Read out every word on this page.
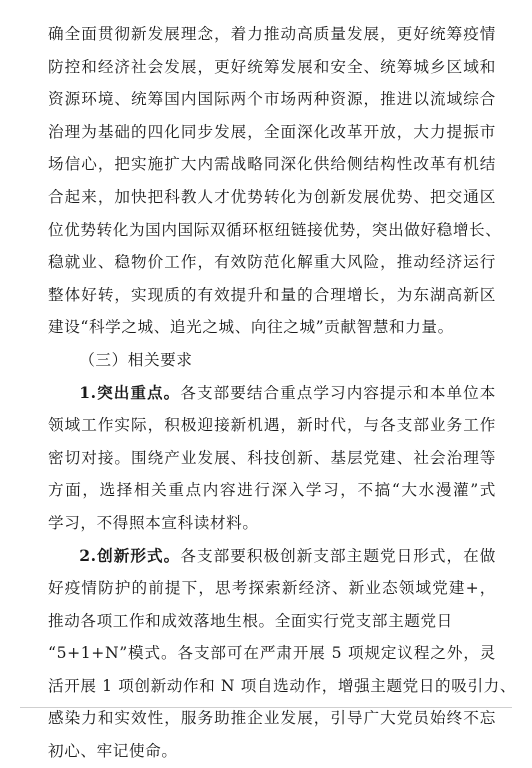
确全面贯彻新发展理念，着力推动高质量发展，更好统筹疫情
防控和经济社会发展，更好统筹发展和安全、统筹城乡区域和
资源环境、统筹国内国际两个市场两种资源，推进以流域综合
治理为基础的四化同步发展，全面深化改革开放，大力提振市
场信心，把实施扩大内需战略同深化供给侧结构性改革有机结
合起来，加快把科教人才优势转化为创新发展优势、把交通区
位优势转化为国内国际双循环枢纽链接优势，突出做好稳增长、
稳就业、稳物价工作，有效防范化解重大风险，推动经济运行
整体好转，实现质的有效提升和量的合理增长，为东湖高新区
建设“科学之城、追光之城、向往之城”贡献智慧和力量。
（三）相关要求
1.突出重点。各支部要结合重点学习内容提示和本单位本
领域工作实际，积极迎接新机遇，新时代，与各支部业务工作
密切对接。围绕产业发展、科技创新、基层党建、社会治理等
方面，选择相关重点内容进行深入学习，不搞“大水漫灌”式
学习，不得照本宣科读材料。
2.创新形式。各支部要积极创新支部主题党日形式，在做
好疫情防护的前提下，思考探索新经济、新业态领域党建+，
推动各项工作和成效落地生根。全面实行党支部主题党日
“5+1+N”模式。各支部可在严肃开展 5 项规定议程之外，灵
活开展 1 项创新动作和 N 项自选动作，增强主题党日的吸引力、
感染力和实效性，服务助推企业发展，引导广大党员始终不忘
初心、牢记使命。
